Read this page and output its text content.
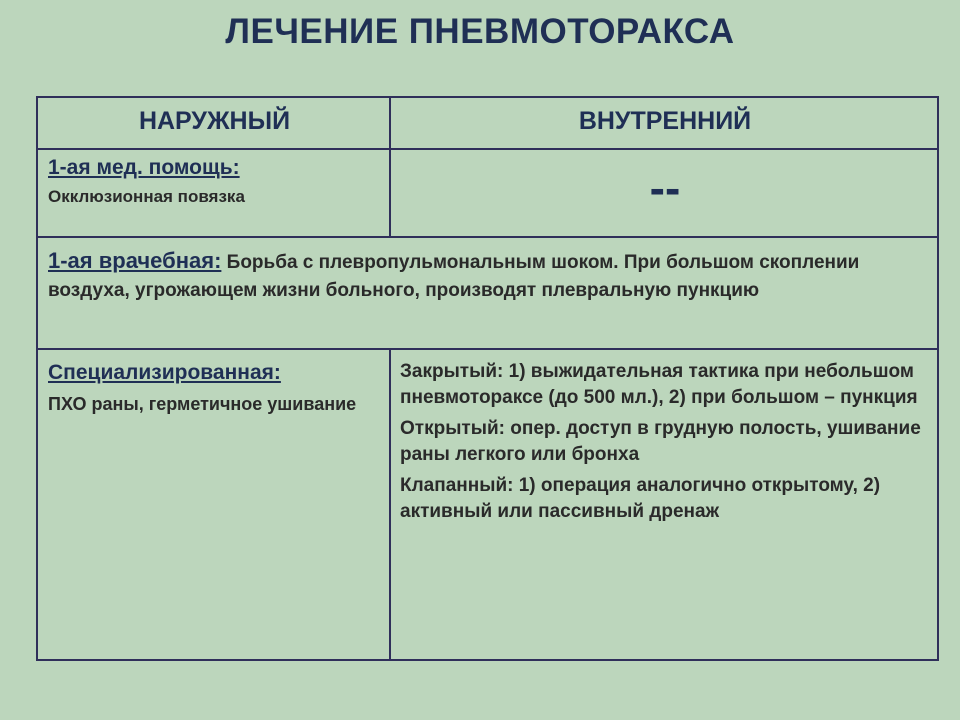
ЛЕЧЕНИЕ ПНЕВМОТОРАКСА
НАРУЖНЫЙ	ВНУТРЕННИЙ
1-ая мед. помощь:
Окклюзионная повязка	--
1-ая врачебная: Борьба с плевропульмональным шоком. При большом скоплении воздуха, угрожающем жизни больного, производят плевральную пункцию
Специализированная:
ПХО раны, герметичное ушивание
Закрытый: 1) выжидательная тактика при небольшом пневмотораксе (до 500 мл.), 2) при большом – пункция
Открытый: опер. доступ в грудную полость, ушивание раны легкого или бронха
Клапанный: 1) операция аналогично открытому, 2) активный или пассивный дренаж
